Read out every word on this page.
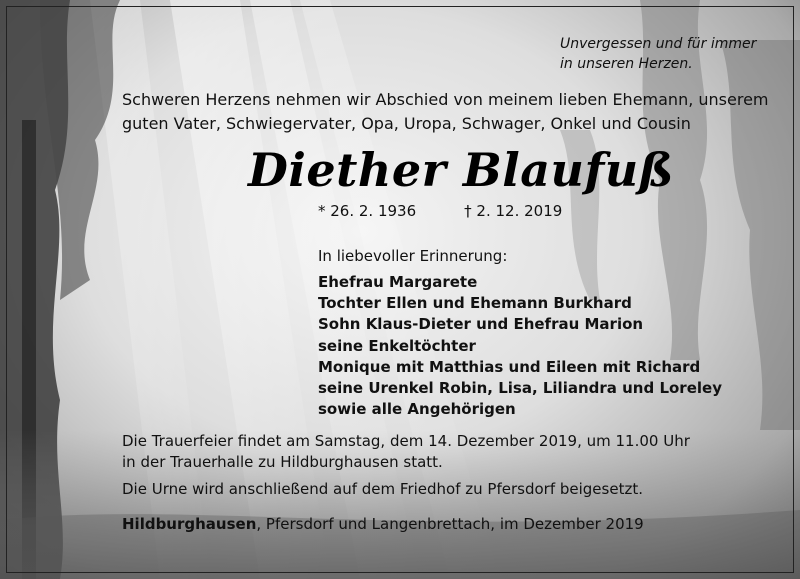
Unvergessen und für immer
in unseren Herzen.
Schweren Herzens nehmen wir Abschied von meinem lieben Ehemann, unserem
guten Vater, Schwiegervater, Opa, Uropa, Schwager, Onkel und Cousin
Diether Blaufuß
* 26. 2. 1936	† 2. 12. 2019
In liebevoller Erinnerung:
Ehefrau Margarete
Tochter Ellen und Ehemann Burkhard
Sohn Klaus-Dieter und Ehefrau Marion
seine Enkeltöchter
Monique mit Matthias und Eileen mit Richard
seine Urenkel Robin, Lisa, Liliandra und Loreley
sowie alle Angehörigen
Die Trauerfeier findet am Samstag, dem 14. Dezember 2019, um 11.00 Uhr
in der Trauerhalle zu Hildburghausen statt.
Die Urne wird anschließend auf dem Friedhof zu Pfersdorf beigesetzt.
Hildburghausen, Pfersdorf und Langenbrettach, im Dezember 2019
